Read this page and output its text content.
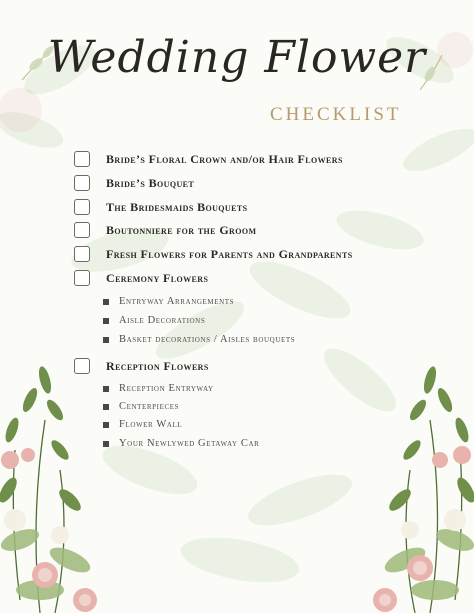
Wedding Flower
CHECKLIST
Bride’s Floral Crown and/or Hair Flowers
Bride’s Bouquet
The Bridesmaids Bouquets
Boutonniere for the Groom
Fresh Flowers for Parents and Grandparents
Ceremony Flowers
Entryway Arrangements
Aisle Decorations
Basket decorations / Aisles bouquets
Reception Flowers
Reception Entryway
Centerpieces
Flower Wall
Your Newlywed Getaway Car
